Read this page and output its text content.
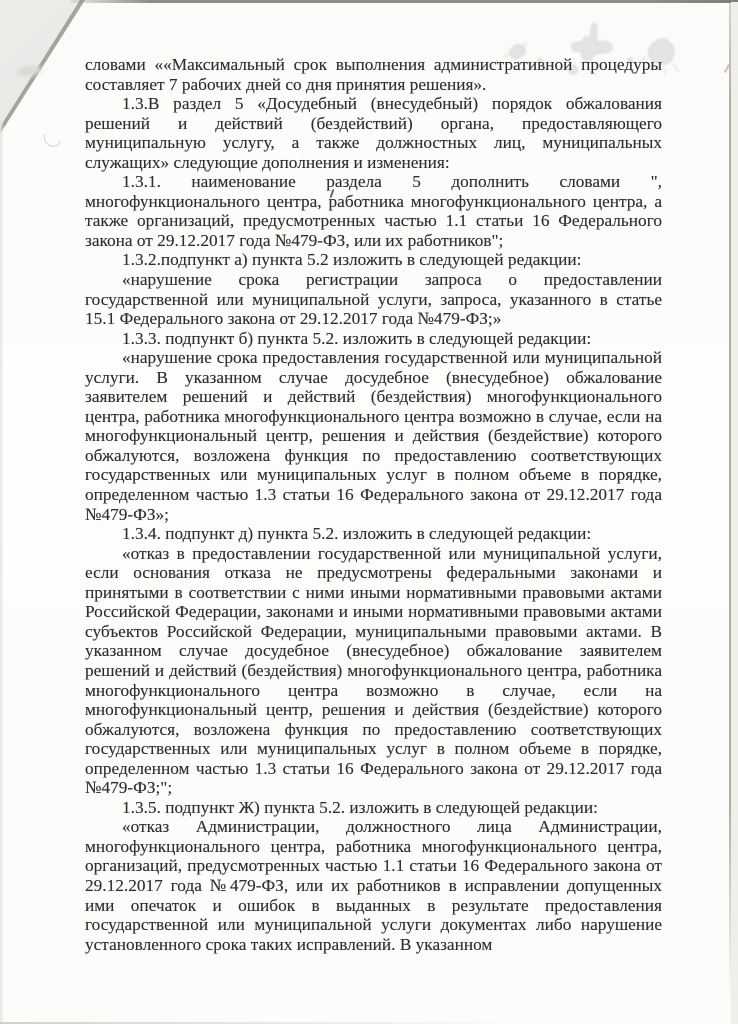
словами ««Максимальный срок выполнения административной процедуры составляет 7 рабочих дней со дня принятия решения».

1.3.В раздел 5 «Досудебный (внесудебный) порядок обжалования решений и действий (бездействий) органа, предоставляющего муниципальную услугу, а также должностных лиц, муниципальных служащих» следующие дополнения и изменения:

1.3.1. наименование раздела 5 дополнить словами ", многофункционального центра, работника многофункционального центра, а также организаций, предусмотренных частью 1.1 статьи 16 Федерального закона от 29.12.2017 года №479-ФЗ, или их работников";

1.3.2.подпункт а) пункта 5.2 изложить в следующей редакции:

«нарушение срока регистрации запроса о предоставлении государственной или муниципальной услуги, запроса, указанного в статье 15.1 Федерального закона от 29.12.2017 года №479-ФЗ;»

1.3.3. подпункт б) пункта 5.2. изложить в следующей редакции:

«нарушение срока предоставления государственной или муниципальной услуги. В указанном случае досудебное (внесудебное) обжалование заявителем решений и действий (бездействия) многофункционального центра, работника многофункционального центра возможно в случае, если на многофункциональный центр, решения и действия (бездействие) которого обжалуются, возложена функция по предоставлению соответствующих государственных или муниципальных услуг в полном объеме в порядке, определенном частью 1.3 статьи 16 Федерального закона от 29.12.2017 года №479-ФЗ»;

1.3.4. подпункт д) пункта 5.2. изложить в следующей редакции:

«отказ в предоставлении государственной или муниципальной услуги, если основания отказа не предусмотрены федеральными законами и принятыми в соответствии с ними иными нормативными правовыми актами Российской Федерации, законами и иными нормативными правовыми актами субъектов Российской Федерации, муниципальными правовыми актами. В указанном случае досудебное (внесудебное) обжалование заявителем решений и действий (бездействия) многофункционального центра, работника многофункционального центра возможно в случае, если на многофункциональный центр, решения и действия (бездействие) которого обжалуются, возложена функция по предоставлению соответствующих государственных или муниципальных услуг в полном объеме в порядке, определенном частью 1.3 статьи 16 Федерального закона от 29.12.2017 года №479-ФЗ;";

1.3.5. подпункт Ж) пункта 5.2. изложить в следующей редакции:

«отказ Администрации, должностного лица Администрации, многофункционального центра, работника многофункционального центра, организаций, предусмотренных частью 1.1 статьи 16 Федерального закона от 29.12.2017 года №479-ФЗ, или их работников в исправлении допущенных ими опечаток и ошибок в выданных в результате предоставления государственной или муниципальной услуги документах либо нарушение установленного срока таких исправлений. В указанном
